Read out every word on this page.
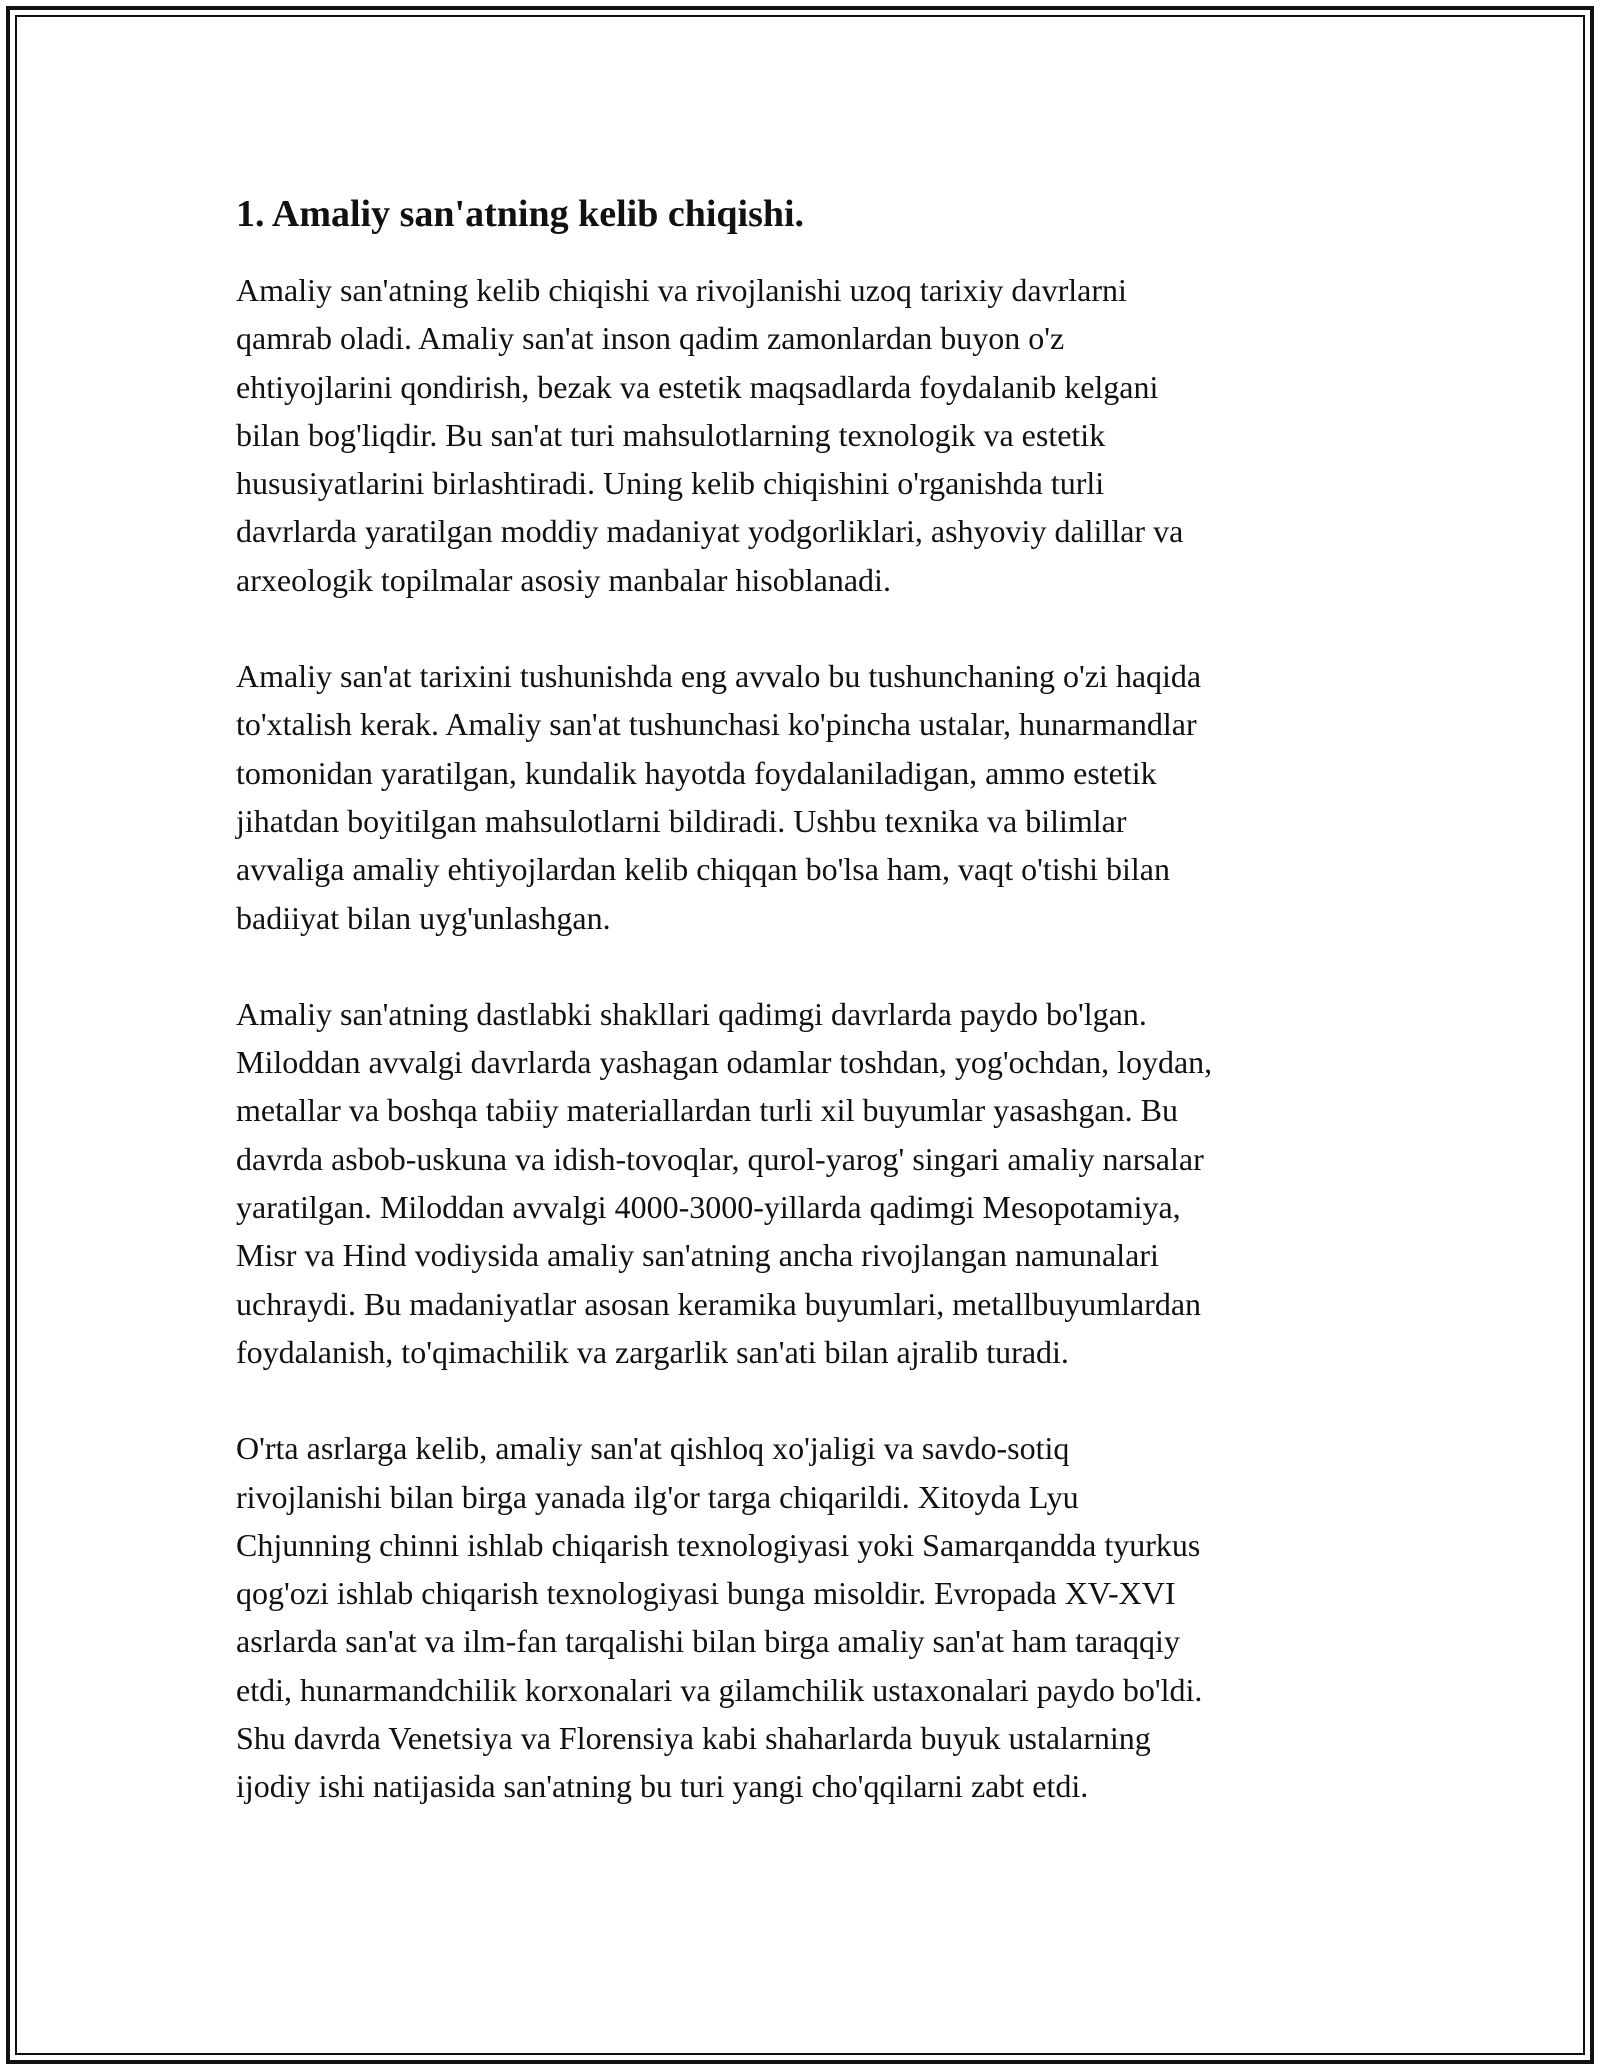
1. Amaliy san'atning kelib chiqishi.

Amaliy san'atning kelib chiqishi va rivojlanishi uzoq tarixiy davrlarni
qamrab oladi. Amaliy san'at inson qadim zamonlardan buyon o'z
ehtiyojlarini qondirish, bezak va estetik maqsadlarda foydalanib kelgani
bilan bog'liqdir. Bu san'at turi mahsulotlarning texnologik va estetik
hususiyatlarini birlashtiradi. Uning kelib chiqishini o'rganishda turli
davrlarda yaratilgan moddiy madaniyat yodgorliklari, ashyoviy dalillar va
arxeologik topilmalar asosiy manbalar hisoblanadi.

Amaliy san'at tarixini tushunishda eng avvalo bu tushunchaning o'zi haqida
to'xtalish kerak. Amaliy san'at tushunchasi ko'pincha ustalar, hunarmandlar
tomonidan yaratilgan, kundalik hayotda foydalaniladigan, ammo estetik
jihatdan boyitilgan mahsulotlarni bildiradi. Ushbu texnika va bilimlar
avvaliga amaliy ehtiyojlardan kelib chiqqan bo'lsa ham, vaqt o'tishi bilan
badiiyat bilan uyg'unlashgan.

Amaliy san'atning dastlabki shakllari qadimgi davrlarda paydo bo'lgan.
Miloddan avvalgi davrlarda yashagan odamlar toshdan, yog'ochdan, loydan,
metallar va boshqa tabiiy materiallardan turli xil buyumlar yasashgan. Bu
davrda asbob-uskuna va idish-tovoqlar, qurol-yarog' singari amaliy narsalar
yaratilgan. Miloddan avvalgi 4000-3000-yillarda qadimgi Mesopotamiya,
Misr va Hind vodiysida amaliy san'atning ancha rivojlangan namunalari
uchraydi. Bu madaniyatlar asosan keramika buyumlari, metallbuyumlardan
foydalanish, to'qimachilik va zargarlik san'ati bilan ajralib turadi.

O'rta asrlarga kelib, amaliy san'at qishloq xo'jaligi va savdo-sotiq
rivojlanishi bilan birga yanada ilg'or targa chiqarildi. Xitoyda Lyu
Chjunning chinni ishlab chiqarish texnologiyasi yoki Samarqandda tyurkus
qog'ozi ishlab chiqarish texnologiyasi bunga misoldir. Evropada XV-XVI
asrlarda san'at va ilm-fan tarqalishi bilan birga amaliy san'at ham taraqqiy
etdi, hunarmandchilik korxonalari va gilamchilik ustaxonalari paydo bo'ldi.
Shu davrda Venetsiya va Florensiya kabi shaharlarda buyuk ustalarning
ijodiy ishi natijasida san'atning bu turi yangi cho'qqilarni zabt etdi.
